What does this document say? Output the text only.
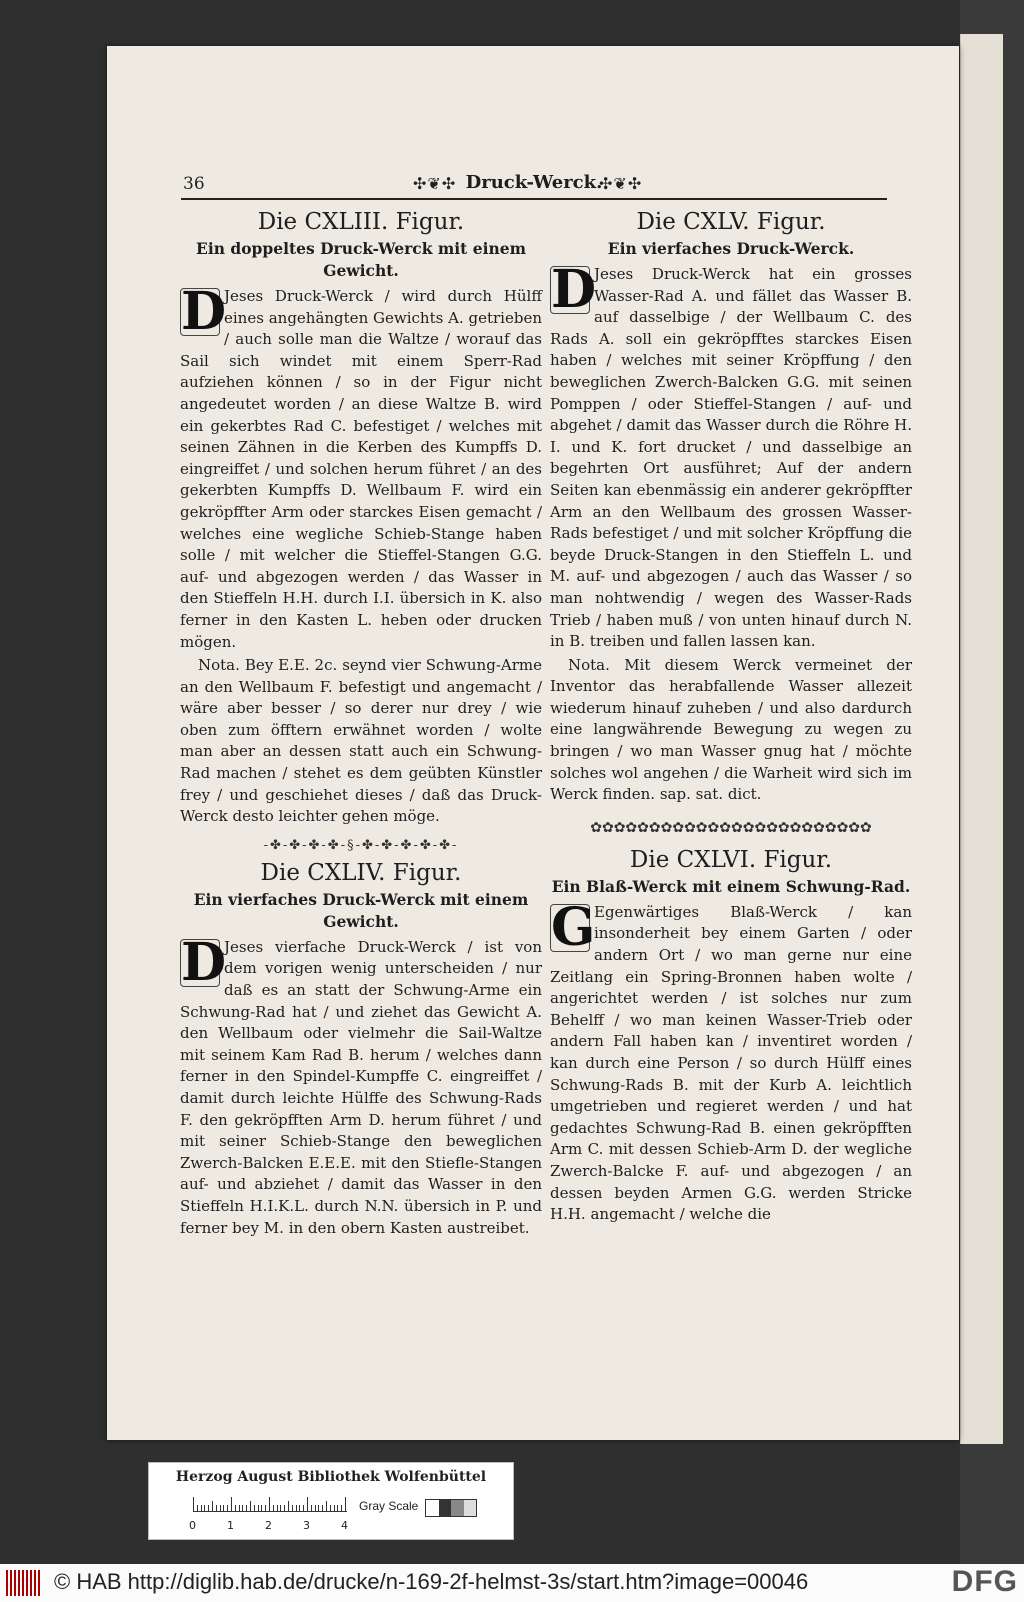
36	✣❦✣ Druck-Werck.
✣❦✣
Die CXLIII. Figur.
Ein doppeltes Druck-Werck mit einem Gewicht.

D
Jeses Druck-Werck / wird durch Hülff eines angehängten Gewichts A. getrieben / auch solle man die Waltze / worauf das Sail sich windet mit einem Sperr-Rad aufziehen können / so in der Figur nicht angedeutet worden / an diese Waltze B. wird ein gekerbtes Rad C. befestiget / welches mit seinen Zähnen in die Kerben des Kumpffs D. eingreiffet / und solchen herum führet / an des gekerbten Kumpffs D. Wellbaum F. wird ein gekröpffter Arm oder starckes Eisen gemacht / welches eine wegliche Schieb-Stange haben solle / mit welcher die Stieffel-Stangen G.G. auf- und abgezogen werden / das Wasser in den Stieffeln H.H. durch I.I. übersich in K. also ferner in den Kasten L. heben oder drucken mögen.

Nota. Bey E.E. 2c. seynd vier Schwung-Arme an den Wellbaum F. befestigt und angemacht / wäre aber besser / so derer nur drey / wie oben zum öfftern erwähnet worden / wolte man aber an dessen statt auch ein Schwung-Rad machen / stehet es dem geübten Künstler frey / und geschiehet dieses / daß das Druck-Werck desto leichter gehen möge.

-✤-✤-✤-✤-§-✤-✤-✤-✤-✤-
Die CXLIV. Figur.
Ein vierfaches Druck-Werck mit einem Gewicht.

D
Jeses vierfache Druck-Werck / ist von dem vorigen wenig unterscheiden / nur daß es an statt der Schwung-Arme ein Schwung-Rad hat / und ziehet das Gewicht A. den Wellbaum oder vielmehr die Sail-Waltze mit seinem Kam Rad B. herum / welches dann ferner in den Spindel-Kumpffe C. eingreiffet / damit durch leichte Hülffe des Schwung-Rads F. den gekröpfften Arm D. herum führet / und mit seiner Schieb-Stange den beweglichen Zwerch-Balcken E.E.E. mit den Stiefle-Stangen auf- und abziehet / damit das Wasser in den Stieffeln H.I.K.L. durch N.N. übersich in P. und ferner bey M. in den obern Kasten austreibet.

Die CXLV. Figur.
Ein vierfaches Druck-Werck.

D
Jeses Druck-Werck hat ein grosses Wasser-Rad A. und fället das Wasser B. auf dasselbige / der Wellbaum C. des Rads A. soll ein gekröpfftes starckes Eisen haben / welches mit seiner Kröpffung / den beweglichen Zwerch-Balcken G.G. mit seinen Pomppen / oder Stieffel-Stangen / auf- und abgehet / damit das Wasser durch die Röhre H. I. und K. fort drucket / und dasselbige an begehrten Ort ausführet; Auf der andern Seiten kan ebenmässig ein anderer gekröpffter Arm an den Wellbaum des grossen Wasser-Rads befestiget / und mit solcher Kröpffung die beyde Druck-Stangen in den Stieffeln L. und M. auf- und abgezogen / auch das Wasser / so man nohtwendig / wegen des Wasser-Rads Trieb / haben muß / von unten hinauf durch N. in B. treiben und fallen lassen kan.

Nota. Mit diesem Werck vermeinet der Inventor das herabfallende Wasser allezeit wiederum hinauf zuheben / und also dardurch eine langwährende Bewegung zu wegen zu bringen / wo man Wasser gnug hat / möchte solches wol angehen / die Warheit wird sich im Werck finden. sap. sat. dict.

✿✿✿✿✿✿✿✿✿✿✿✿✿✿✿✿✿✿✿✿✿✿✿✿
Die CXLVI. Figur.
Ein Blaß-Werck mit einem Schwung-Rad.

G
Egenwärtiges Blaß-Werck / kan insonderheit bey einem Garten / oder andern Ort / wo man gerne nur eine Zeitlang ein Spring-Bronnen haben wolte / angerichtet werden / ist solches nur zum Behelff / wo man keinen Wasser-Trieb oder andern Fall haben kan / inventiret worden / kan durch eine Person / so durch Hülff eines Schwung-Rads B. mit der Kurb A. leichtlich umgetrieben und regieret werden / und hat gedachtes Schwung-Rad B. einen gekröpfften Arm C. mit dessen Schieb-Arm D. der wegliche Zwerch-Balcke F. auf- und abgezogen / an dessen beyden Armen G.G. werden Stricke H.H. angemacht / welche die

Herzog August Bibliothek Wolfenbüttel
0	1	2	3	4
Gray Scale
© HAB http://diglib.hab.de/drucke/n-169-2f-helmst-3s/start.htm?image=00046	DFG
